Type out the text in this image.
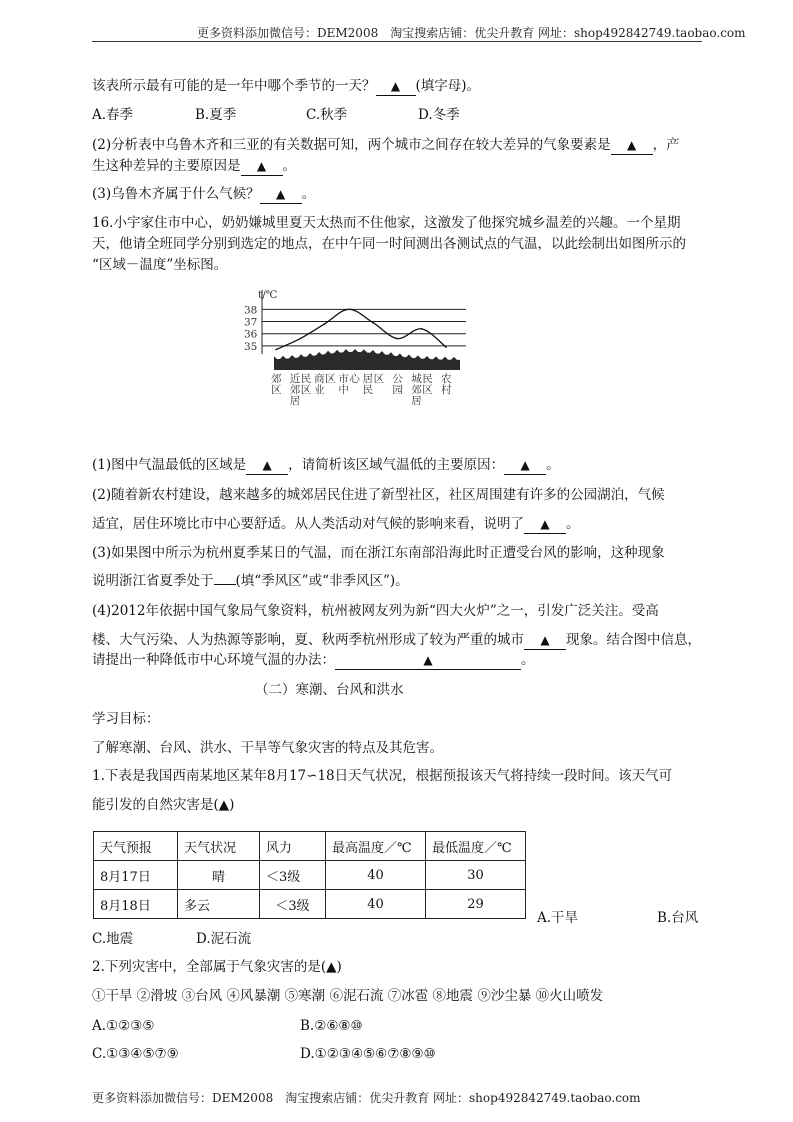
更多资料添加微信号：DEM2008　淘宝搜索店铺：优尖升教育 网址：shop492842749.taobao.com
该表所示最有可能的是一年中哪个季节的一天？ ▲ (填字母)。
A.春季	B.夏季	C.秋季	D.冬季
(2)分析表中乌鲁木齐和三亚的有关数据可知，两个城市之间存在较大差异的气象要素是 ▲ ，产
生这种差异的主要原因是 ▲ 。
(3)乌鲁木齐属于什么气候？ ▲ 。
16.小宇家住市中心，奶奶嫌城里夏天太热而不住他家，这激发了他探究城乡温差的兴趣。一个星期
天，他请全班同学分别到选定的地点，在中午同一时间测出各测试点的气温，以此绘制出如图所示的
“区域－温度”坐标图。
35
36
37
38
t/℃
郊区
近郊居民区
商业区 市中心 居民区 公园
城郊居民区
农村
(1)图中气温最低的区域是 ▲ ，请简析该区域气温低的主要原因： ▲ 。
(2)随着新农村建设，越来越多的城郊居民住进了新型社区，社区周围建有许多的公园湖泊，气候
适宜，居住环境比市中心要舒适。从人类活动对气候的影响来看，说明了 ▲ 。
(3)如果图中所示为杭州夏季某日的气温，而在浙江东南部沿海此时正遭受台风的影响，这种现象
说明浙江省夏季处于 (填“季风区”或“非季风区”)。
(4)2012年依据中国气象局气象资料，杭州被网友列为新“四大火炉”之一，引发广泛关注。受高
楼、大气污染、人为热源等影响，夏、秋两季杭州形成了较为严重的城市 ▲ 现象。结合图中信息，
请提出一种降低市中心环境气温的办法：	▲	。
（二）寒潮、台风和洪水
学习目标：
了解寒潮、台风、洪水、干旱等气象灾害的特点及其危害。
1.下表是我国西南某地区某年8月17∽18日天气状况，根据预报该天气将持续一段时间。该天气可
能引发的自然灾害是(▲)
天气预报	天气状况	风力	最高温度／℃	最低温度／℃
8月17日	晴	＜3级	40	30
8月18日	多云	＜3级	40	29
A.干旱	B.台风
C.地震	D.泥石流
2.下列灾害中，全部属于气象灾害的是(▲)
①干旱 ②滑坡 ③台风 ④风暴潮 ⑤寒潮 ⑥泥石流 ⑦冰雹 ⑧地震 ⑨沙尘暴 ⑩火山喷发
A.①②③⑤	B.②⑥⑧⑩
C.①③④⑤⑦⑨	D.①②③④⑤⑥⑦⑧⑨⑩
更多资料添加微信号：DEM2008　淘宝搜索店铺：优尖升教育 网址：shop492842749.taobao.com
